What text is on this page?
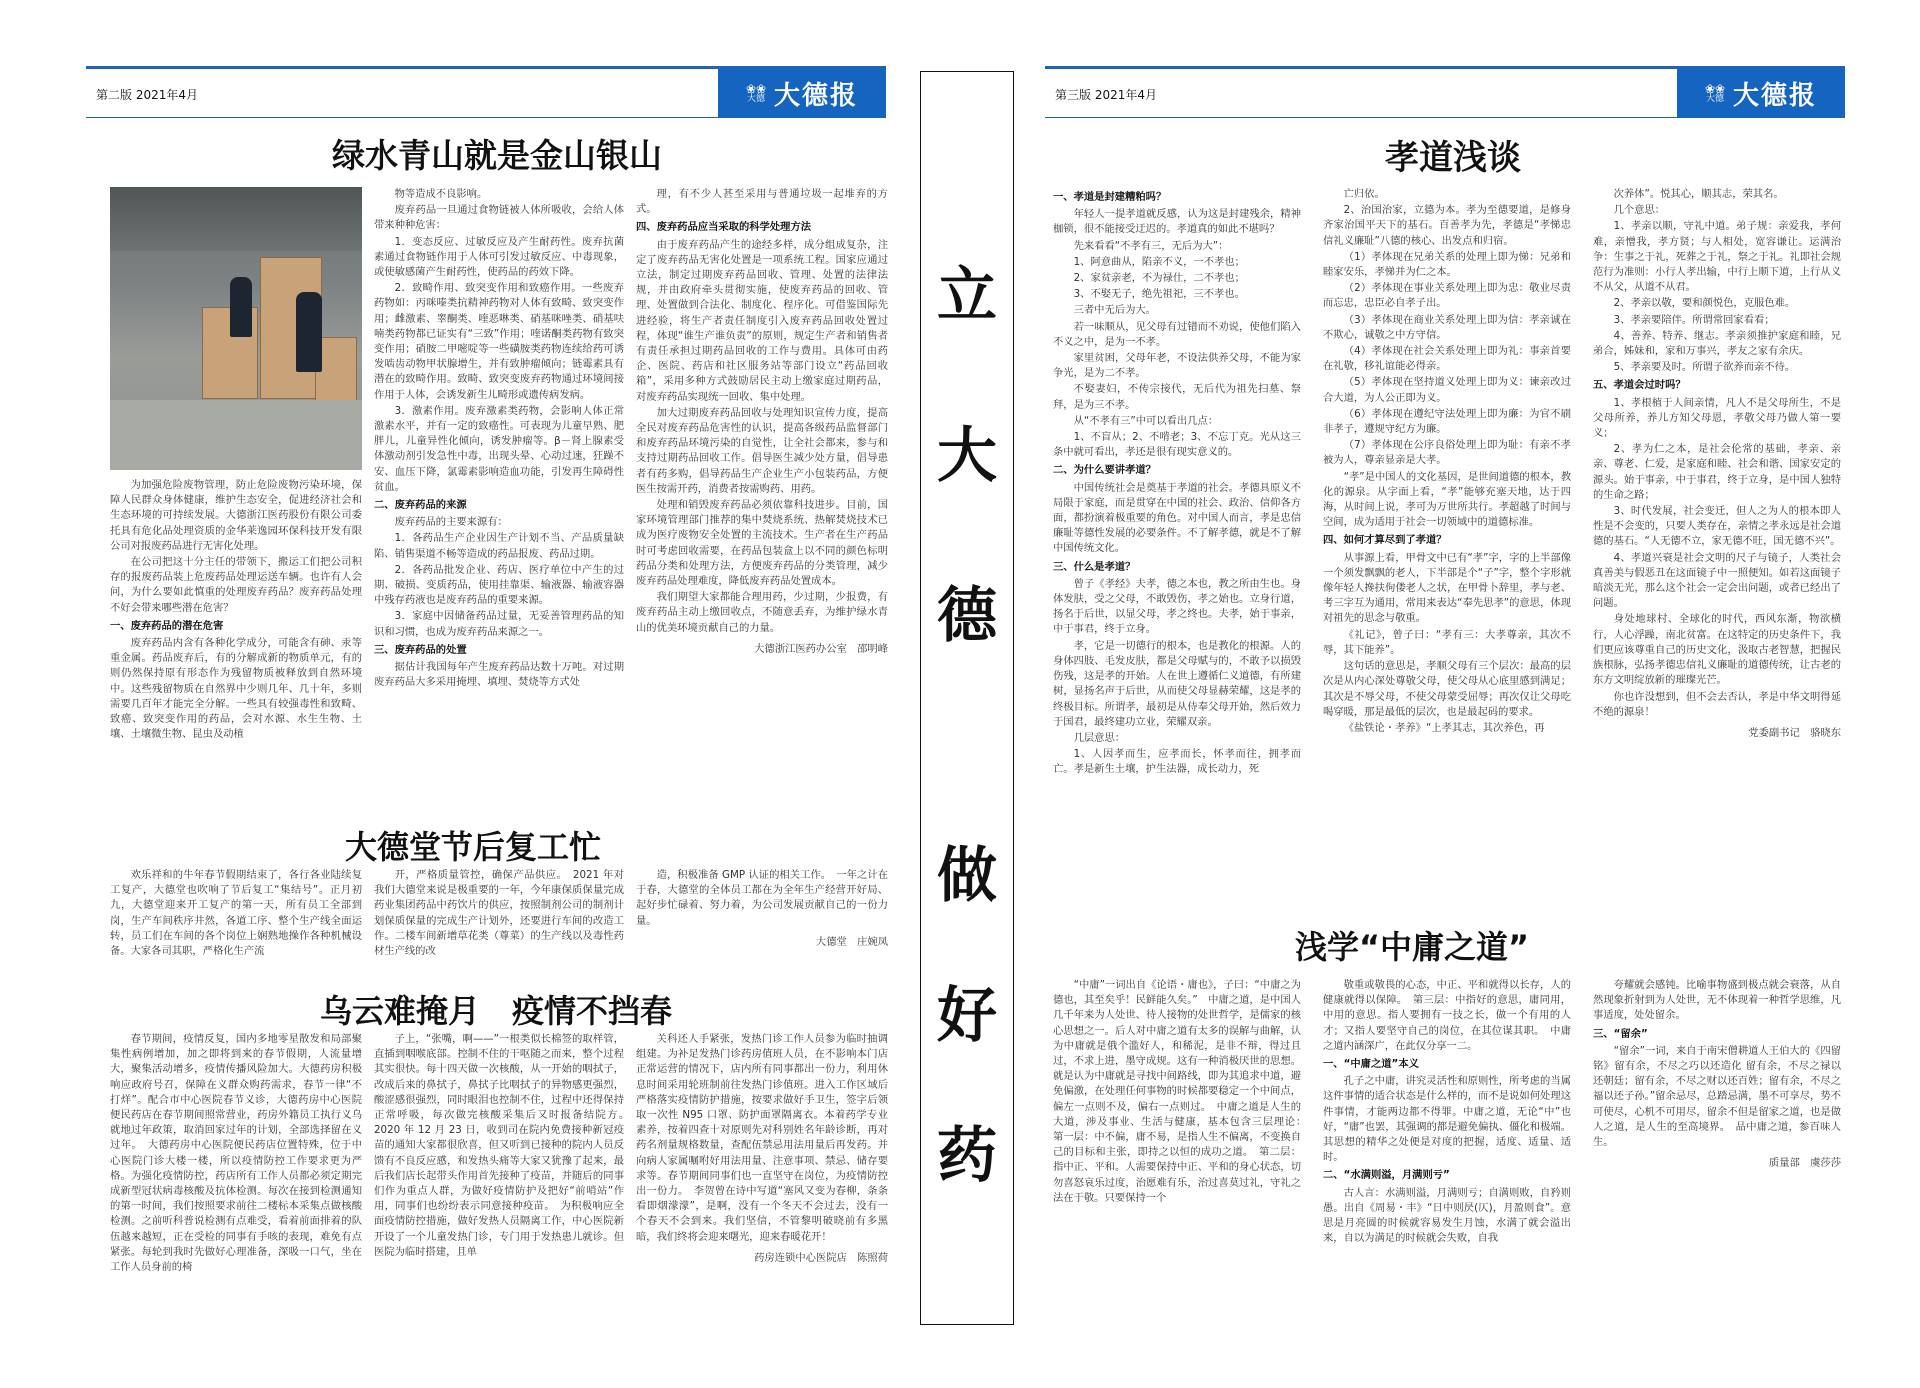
第二版 2021年4月	❀❀
大德 大德报
绿水青山就是金山银山

为加强危险废物管理，防止危险废物污染环境，保障人民群众身体健康，维护生态安全，促进经济社会和生态环境的可持续发展。大德浙江医药股份有限公司委托具有危化品处理资质的金华莱逸园环保科技开发有限公司对报废药品进行无害化处理。

在公司把这十分主任的带领下，搬运工们把公司积存的报废药品装上危废药品处理运送车辆。也许有人会问，为什么要如此慎重的处理废弃药品？废弃药品处理不好会带来哪些潜在危害？

一、废弃药品的潜在危害

废弃药品内含有各种化学成分，可能含有砷、汞等重金属。药品废弃后，有的分解成新的物质单元，有的则仍然保持原有形态作为残留物质被释放到自然环境中。这些残留物质在自然界中少则几年、几十年，多则需要几百年才能完全分解。一些具有较强毒性和致畸、致癌、致突变作用的药品，会对水源、水生生物、土壤、土壤微生物、昆虫及动植

物等造成不良影响。

废弃药品一旦通过食物链被人体所吸收，会给人体带来种种危害：

1．变态反应、过敏反应及产生耐药性。废弃抗菌素通过食物链作用于人体可引发过敏反应、中毒现象，或使敏感菌产生耐药性，使药品的药效下降。

2．致畸作用、致突变作用和致癌作用。一些废弃药物如：丙咪嗪类抗精神药物对人体有致畸、致突变作用；雌激素、睾酮类、喹恶啉类、硝基咪唑类、硝基呋喃类药物都已证实有“三致”作用；喹诺酮类药物有致突变作用；硝胺二甲嘧啶等一些磺胺类药物连续给药可诱发啮齿动物甲状腺增生，并有致肿瘤倾向；链霉素具有潜在的致畸作用。致畸、致突变废弃药物通过环境间接作用于人体，会诱发新生儿畸形或遗传病发病。

3．激素作用。废弃激素类药物，会影响人体正常激素水平，并有一定的致癌性。可表现为儿童早熟、肥胖儿，儿童异性化倾向，诱发肿瘤等。β－肾上腺素受体激动剂引发急性中毒，出现头晕、心动过速，狂躁不安、血压下降，氯霉素影响造血功能，引发再生障碍性贫血。

二、废弃药品的来源

废弃药品的主要来源有：

1．各药品生产企业因生产计划不当、产品质量缺陷、销售渠道不畅等造成的药品报废、药品过期。

2．各药品批发企业、药店、医疗单位中产生的过期、破损、变质药品，使用挂靠渠、输液器、输液容器中残存药液也是废弃药品的重要来源。

3．家庭中因储备药品过量，无妥善管理药品的知识和习惯，也成为废弃药品来源之一。

三、废弃药品的处置

据估计我国每年产生废弃药品达数十万吨。对过期废弃药品大多采用掩埋、填埋、焚烧等方式处

理，有不少人甚至采用与普通垃圾一起堆弃的方式。

四、废弃药品应当采取的科学处理方法

由于废弃药品产生的途经多样，成分组成复杂，注定了废弃药品无害化处置是一项系统工程。国家应通过立法，制定过期废弃药品回收、管理、处置的法律法规，并由政府牵头贯彻实施，使废弃药品的回收、管理、处置做到合法化、制度化、程序化。可借鉴国际先进经验，将生产者责任制度引入废弃药品回收处置过程，体现“谁生产谁负责”的原则，规定生产者和销售者有责任承担过期药品回收的工作与费用。具体可由药企、医院、药店和社区服务站等部门设立“药品回收箱”，采用多种方式鼓励居民主动上缴家庭过期药品，对废弃药品实现统一回收、集中处理。

加大过期废弃药品回收与处理知识宣传力度，提高全民对废弃药品危害性的认识，提高各级药品监督部门和废弃药品环境污染的自觉性，让全社会都来，参与和支持过期药品回收工作。倡导医生减少处方量，倡导患者有药多购，倡导药品生产企业生产小包装药品，方便医生按需开药，消费者按需购药、用药。

处理和销毁废弃药品必须依靠科技进步。目前，国家环境管理部门推荐的集中焚烧系统、热解焚烧技术已成为医疗废物安全处置的主流技术。生产者在生产药品时可考虑回收需要，在药品包装盒上以不同的颜色标明药品分类和处理方法，方便废弃药品的分类管理，减少废弃药品处理难度，降低废弃药品处置成本。

我们期望大家都能合理用药，少过期，少报费，有废弃药品主动上缴回收点，不随意丢弃，为维护绿水青山的优美环境贡献自己的力量。

大德浙江医药办公室　邵明峰

大德堂节后复工忙

欢乐祥和的牛年春节假期结束了，各行各业陆续复工复产，大德堂也吹响了节后复工“集结号”。正月初九，大德堂迎来开工复产的第一天，所有员工全部到岗，生产车间秩序井然，各道工序、整个生产线全面运转，员工们在车间的各个岗位上娴熟地操作各种机械设备。大家各司其职，严格化生产流

开，严格质量管控，确保产品供应。　2021 年对我们大德堂来说是极重要的一年，今年康保质保量完成药业集团药品中药饮片的供应，按照制剂公司的制剂计划保质保量的完成生产计划外，还要进行车间的改造工作。二楼车间新增草花类（尊菜）的生产线以及毒性药材生产线的改

造，积极准备 GMP 认证的相关工作。　一年之计在于春，大德堂的全体员工都在为全年生产经营开好局、起好步忙碌着、努力着，为公司发展贡献自己的一份力量。

大德堂　庄婉凤

乌云难掩月　疫情不挡春

春节期间，疫情反复，国内多地零星散发和局部聚集性病例增加，加之即将到来的春节假期，人流量增大，聚集活动增多，疫情传播风险加大。大德药房积极响应政府号召，保障在义群众购药需求，春节一律“不打烊”。配合市中心医院春节义诊，大德药房中心医院便民药店在春节期间照常营业，药房外籍员工执行义乌就地过年政策，取消回家过年的计划，全部选择留在义过年。　大德药房中心医院便民药店位置特殊，位于中心医院门诊大楼一楼，所以疫情防控工作要求更为严格。为强化疫情防控，药店所有工作人员都必须定期完成新型冠状病毒核酸及抗体检测。每次在接到检测通知的第一时间，我们按照要求前往二楼标本采集点做核酸检测。之前听科普说检测有点难受，看着前面排着的队伍越来越短，正在受检的同事有手咳的表现，难免有点紧张。每轮到我时先做好心理准备，深吸一口气，坐在工作人员身前的椅

子上，“张嘴，啊——”一根类似长棉签的取样管，直插到咽喉底部。控制不住的干呕随之而来，整个过程其实很快。每十四天做一次核酸，从一开始的咽拭子，改成后来的鼻拭子，鼻拭子比咽拭子的异物感更强烈，酸涩感很强烈，同时眼泪也控制不住，过程中还得保持正常呼吸，每次做完核酸采集后又时报备结院方。　2020 年 12 月 23 日，收到司在院内免费接种新冠疫苗的通知大家都很欣喜，但又听到已接种的院内人员反馈有不良反应感，和发热头痛等大家又犹豫了起来，最后我们店长起带头作用首先接种了疫苗，并随后的同事们作为重点人群，为做好疫情防护及把好“前哨站”作用，同事们也纷纷表示同意接种疫苗。　为积极响应全面疫情防控措施，做好发热人员隔离工作，中心医院新开设了一个儿童发热门诊，专门用于发热患儿就诊。但医院为临时搭建，且单

关科还人手紧张，发热门诊工作人员参为临时抽调组建。为补足发热门诊药房值班人员，在不影响本门店正常运营的情况下，店内所有同事都出一份力，利用休息时间采用轮班制前往发热门诊值班。进入工作区域后严格落实疫情防护措施，按要求做好手卫生，签字后领取一次性 N95 口罩、防护面罩隔离衣。本着药学专业素养，按着四查十对原则先对科别姓名年龄诊断，再对药名剂量规格数量，查配伍禁忌用法用量后再发药。并向病人家属嘱咐好用法用量、注意事项、禁忌、储存要求等。春节期间同事们也一直坚守在岗位，为疫情防控出一份力。　李贺曾在诗中写道“塞风又变为春柳，条条看即烟濛濛”，是啊，没有一个冬天不会过去，没有一个春天不会到来。我们坚信，不管黎明破晓前有多黑暗，我们终将会迎来曙光，迎来春暖花开！

药房连锁中心医院店　陈照荷

立
大
德
做
好
药
第三版 2021年4月	❀❀
大德 大德报
孝道浅谈

一、孝道是封建糟粕吗？

年轻人一提孝道就反感，认为这是封建残余，精神枷锁，很不能接受迂迟的。孝道真的如此不堪吗？

先来看看“不孝有三，无后为大”：

1、阿意曲从，陷亲不义，一不孝也；

2、家贫亲老，不为禄仕，二不孝也；

3、不娶无子，绝先祖祀，三不孝也。

三者中无后为大。

若一味顺从，见父母有过错而不劝说，使他们陷入不义之中，是为一不孝。

家里贫困，父母年老，不设法供养父母，不能为家争光，是为二不孝。

不娶妻妇，不传宗接代，无后代为祖先扫墓、祭拜，是为三不孝。

从“不孝有三”中可以看出几点：

1、不盲从；2、不啃老；3、不忘丁克。光从这三条中就可看出，孝还是很有现实意义的。

二、为什么要讲孝道？

中国传统社会是奠基于孝道的社会。孝德具原义不局限于家庭，而是贯穿在中国的社会、政治、信仰各方面，都扮演着极重要的角色。对中国人而言，孝是忠信廉耻等德性发展的必要条件。不了解孝德，就是不了解中国传统文化。

三、什么是孝道？

曾子《孝经》夫孝，德之本也，教之所由生也。身体发肤，受之父母，不敢毁伤，孝之始也。立身行道，扬名于后世，以显父母，孝之终也。夫孝，始于事亲，中于事君，终于立身。

孝，它是一切德行的根本，也是教化的根源。人的身体四肢、毛发皮肤，都是父母赋与的，不敢予以损毁伤残，这是孝的开始。人在世上遵循仁义道德，有所建树，显扬名声于后世，从而使父母显赫荣耀，这是孝的终极目标。所谓孝，最初是从侍奉父母开始，然后效力于国君，最终建功立业，荣耀双亲。

几层意思：

1、人因孝而生，应孝而长，怀孝而往，拥孝而亡。孝是新生土壤，护生法器，成长动力，死

亡归依。

2、治国治家，立德为本。孝为至德要道，是修身齐家治国平天下的基石。百善孝为先，孝德是“孝悌忠信礼义廉耻”八德的核心、出发点和归宿。

（1）孝体现在兄弟关系的处理上即为悌：兄弟和睦家安乐，孝悌并为仁之本。

（2）孝体现在事业关系处理上即为忠：敬业尽责而忘忠，忠臣必自孝子出。

（3）孝体现在商业关系处理上即为信：孝亲诚在不欺心，诚敬之中方守信。

（4）孝体现在社会关系处理上即为礼：事亲首要在礼敬，移礼谊能必得亲。

（5）孝体现在坚持道义处理上即为义：谏亲改过合大道，为人公正即为义。

（6）孝体现在遵纪守法处理上即为廉：为官不刷非孝子，遵规守纪方为廉。

（7）孝体现在公序良俗处理上即为耻：有亲不孝被为人，尊亲显亲是大孝。

“孝”是中国人的文化基因，是世间道德的根本，教化的源泉。从字面上看，“孝”能够充塞天地，达于四海，从时间上说，孝可为万世所共行。孝超越了时间与空间，成为适用于社会一切领域中的道德标准。

四、如何才算尽到了孝道？

从事源上看，甲骨文中已有“孝”字，字的上半部像一个须发飘飘的老人，下半部是个“子”字，整个字形就像年轻人搀扶佝偻老人之状，在甲骨卜辞里，孝与老、考三字互为通用，常用来表达“奉先思孝”的意思，体现对祖先的思念与敬重。

《礼记》，曾子曰：“孝有三：大孝尊亲，其次不辱，其下能养”。

这句话的意思是，孝顺父母有三个层次：最高的层次是从内心深处尊敬父母，使父母从心底里感到满足；其次是不辱父母，不使父母蒙受屈辱；再次仅让父母吃喝穿暖，那是最低的层次，也是最起码的要求。

《盐铁论・孝养》“上孝其志，其次养色，再

次养体”。悦其心，顺其志，荣其名。

几个意思：

1、孝亲以顺，守礼中道。弟子规：亲爱我，孝何难，亲憎我，孝方贤；与人相处，宽容谦让。运满治争：生事之于礼，死葬之于礼，祭之于礼。礼即社会规范行为准则：小行人孝出输，中行上顺下道，上行从义不从父，从道不从君。

2、孝亲以敬，要和颜悦色，克服色难。

3、孝亲要陪伴。所谓常回家看看；

4、善养、特养、继志。孝亲须推护家庭和睦，兄弟合，姊妹和，家和万事兴，孝友之家有余庆。

5、孝亲要及时。所谓子欲养而亲不待。

五、孝道会过时吗？

1、孝根植于人间亲情，凡人不是父母所生，不是父母所养，养儿方知父母恩，孝敬父母乃做人第一要义；

2、孝为仁之本，是社会伦常的基础，孝亲、亲亲、尊老、仁爱，是家庭和睦、社会和谐、国家安定的源头。始于事亲，中于事君，终于立身，是中国人独特的生命之路；

3、时代发展，社会变迁，但人之为人的根本即人性是不会变的，只要人类存在，亲情之孝永远是社会道德的基石。“人无德不立，家无德不旺，国无德不兴”。

4、孝道兴衰是社会文明的尺子与镜子，人类社会真善美与假恶丑在这面镜子中一照便知。如若这面镜子暗淡无光，那么这个社会一定会出问题，或者已经出了问题。

身处地球村、全球化的时代，西风东渐，物欲横行，人心浮躁，南北贫富。在这特定的历史条件下，我们更应该尊重自己的历史文化，汲取古老智慧，把握民族根脉，弘扬孝德忠信礼义廉耻的道德传统，让古老的东方文明绽放新的璀璨光芒。

你也许没想到，但不会去否认，孝是中华文明得延不绝的源泉！

党委副书记　骆晓东

浅学“中庸之道”

“中庸”一词出自《论语・庸也》，子曰：“中庸之为德也，其至矣乎！民鲜能久矣。”　中庸之道，是中国人几千年来为人处世、待人接物的处世哲学，是儒家的核心思想之一。后人对中庸之道有太多的误解与曲解，认为中庸就是俄个滥好人，和稀泥，是非不辩，得过且过，不求上进，墨守成规。这有一种消极厌世的思想。就是认为中庸就是寻找中间路线，即为其追求中道，避免偏激，在处理任何事物的时候都要稳定一个中间点，偏左一点则不及，偏右一点则过。　中庸之道是人生的大道，涉及事业、生活与健康，基本包含三层理论：　第一层：中不偏，庸不易，是指人生不偏离，不变换自己的目标和主张，即持之以恒的成功之道。　第二层：指中正、平和。人需要保持中正、平和的身心状态，切勿喜怒哀乐过度，治愿难有乐，治过喜莫过礼，守礼之法在于敬。只要保持一个

敬重或敬畏的心态，中正、平和就得以长存，人的健康就得以保障。　第三层：中指好的意思，庸同用，中用的意思。指人要拥有一技之长，做一个有用的人才；又指人要坚守自己的岗位，在其位谋其职。　中庸之道内涵深广，在此仅分享一二。

一、“中庸之道”本义

孔子之中庸，讲究灵活性和原则性，所考虑的当属这件事情的适合状态是什么样的，而不是说如何处理这件事情，才能两边都不得罪。中庸之道，无论“中”也好，“庸”也罢，其强调的都是避免偏执、僵化和极端。其思想的精华之处便是对度的把握，适度、适量、适时。

二、“水满则溢，月满则亏”

古人言：水满则溢，月满则亏；自满则败，自矜则愚。出自《周易・丰》“日中则昃(仄)，月盈则食”。意思是月亮圆的时候就容易发生月蚀，水满了就会溢出来，自以为满足的时候就会失败，自我

夸耀就会感钝。比喻事物盛到极点就会衰落，从自然现象折射到为人处世，无不体现着一种哲学思维，凡事适度，处处留余。

三、“留余”

“留余”一词，来自于南宋僧耕道人王伯大的《四留铭》留有余，不尽之巧以还造化 留有余，不尽之禄以还朝廷；留有余，不尽之财以还百姓；留有余，不尽之福以还子孙。”留余忌尽，总踏忌满，墨不可享尽，势不可使尽，心机不可用尽，留余不但是留家之道，也是做人之道，是人生的至高境界。　品中庸之道，参百味人生。

质量部　虞莎莎
